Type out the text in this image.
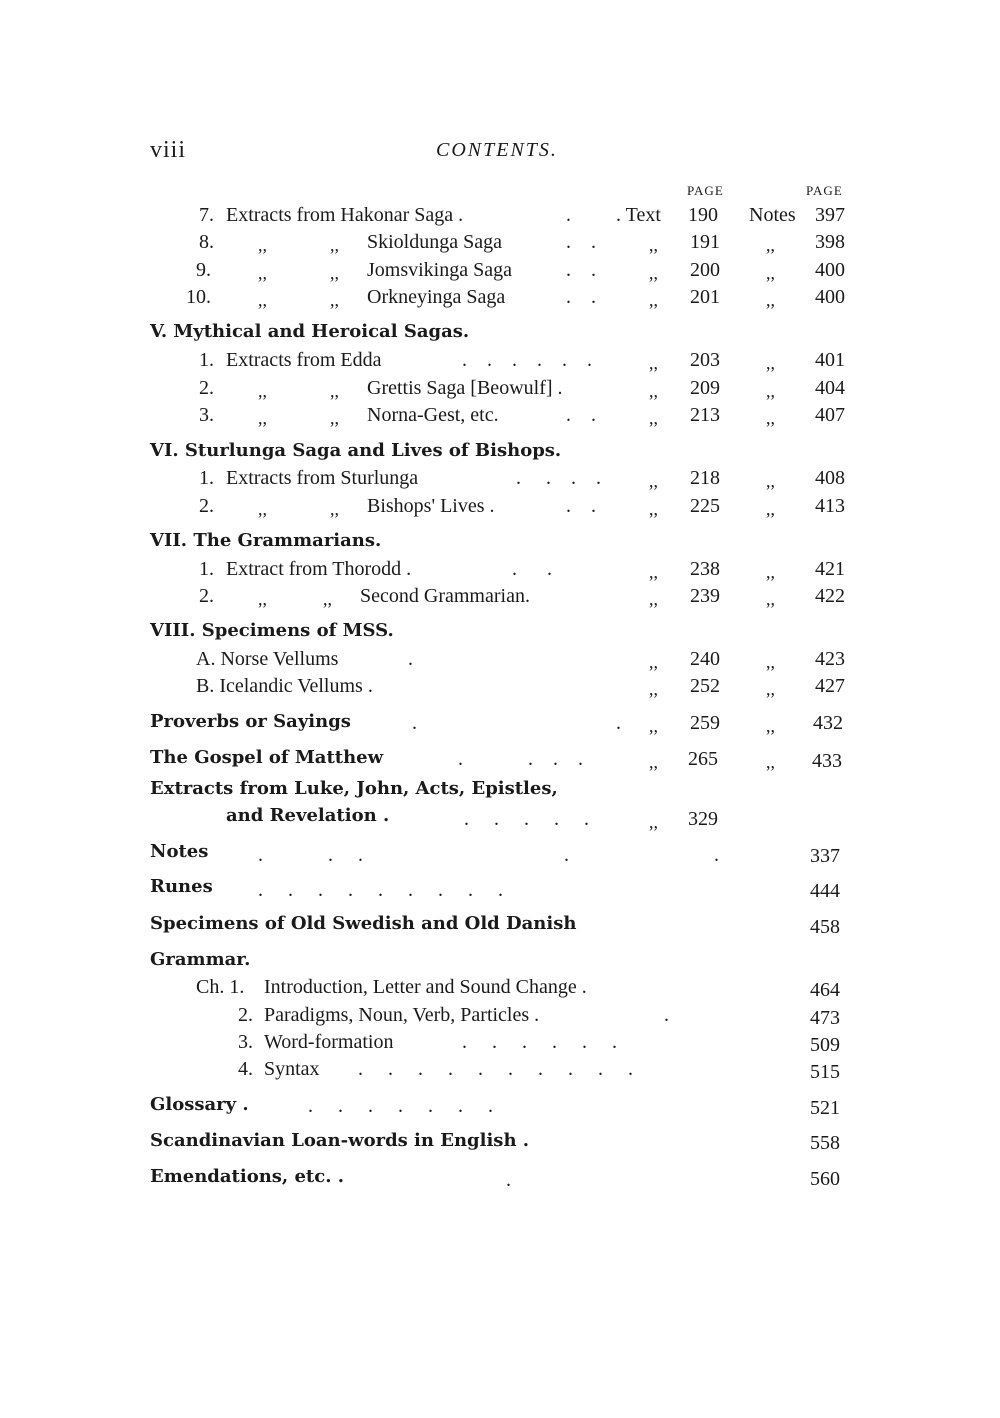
viii	CONTENTS.
PAGE	PAGE
7. Extracts from Hakonar Saga .	. . Text 190 Notes 397
8. ,,	,, Skioldunga Saga	.    .	,, 191	,, 398
9.	,,	,, Jomsvikinga Saga	.    .	,, 200	,, 400
10.	,,	,, Orkneyinga Saga	.    .	,, 201	,, 400
V. Mythical and Heroical Sagas.
1. Extracts from Edda	.    .    .    .    .    .	,, 203	,, 401
2. ,,	,, Grettis Saga [Beowulf] .	,, 209	,, 404
3. ,,	,, Norna-Gest, etc.	.    .	,, 213	,, 407
VI. Sturlunga Saga and Lives of Bishops.
1. Extracts from Sturlunga	.     .    .    .	,, 218	,, 408
2. ,,	,, Bishops' Lives .	.    .	,, 225	,, 413
VII. The Grammarians.
1. Extract from Thorodd .	.      .	,, 238	,, 421
2. ,,	,, Second Grammarian.	,, 239	,, 422
VIII. Specimens of MSS.
A. Norse Vellums	.	,, 240	,, 423
B. Icelandic Vellums .	,, 252	,, 427
Proverbs or Sayings	.	. ,, 259	,, 432
The Gospel of Matthew	.             .    .    .	,, 265	,, 433
Extracts from Luke, John, Acts, Epistles,
and Revelation .	.     .     .     .     .	,, 329
Notes .             .     .	.	.	337
Runes .     .     .     .     .     .     .     .     .	444
Specimens of Old Swedish and Old Danish	458
Grammar.
Ch. 1. Introduction, Letter and Sound Change .	464
2. Paradigms, Noun, Verb, Particles .	.	473
3. Word-formation	.     .     .     .     .     .	509
4. Syntax .     .     .     .     .     .     .     .     .     .	515
Glossary .	.     .     .     .     .     .     .	521
Scandinavian Loan-words in English .	558
Emendations, etc. .	.	560
